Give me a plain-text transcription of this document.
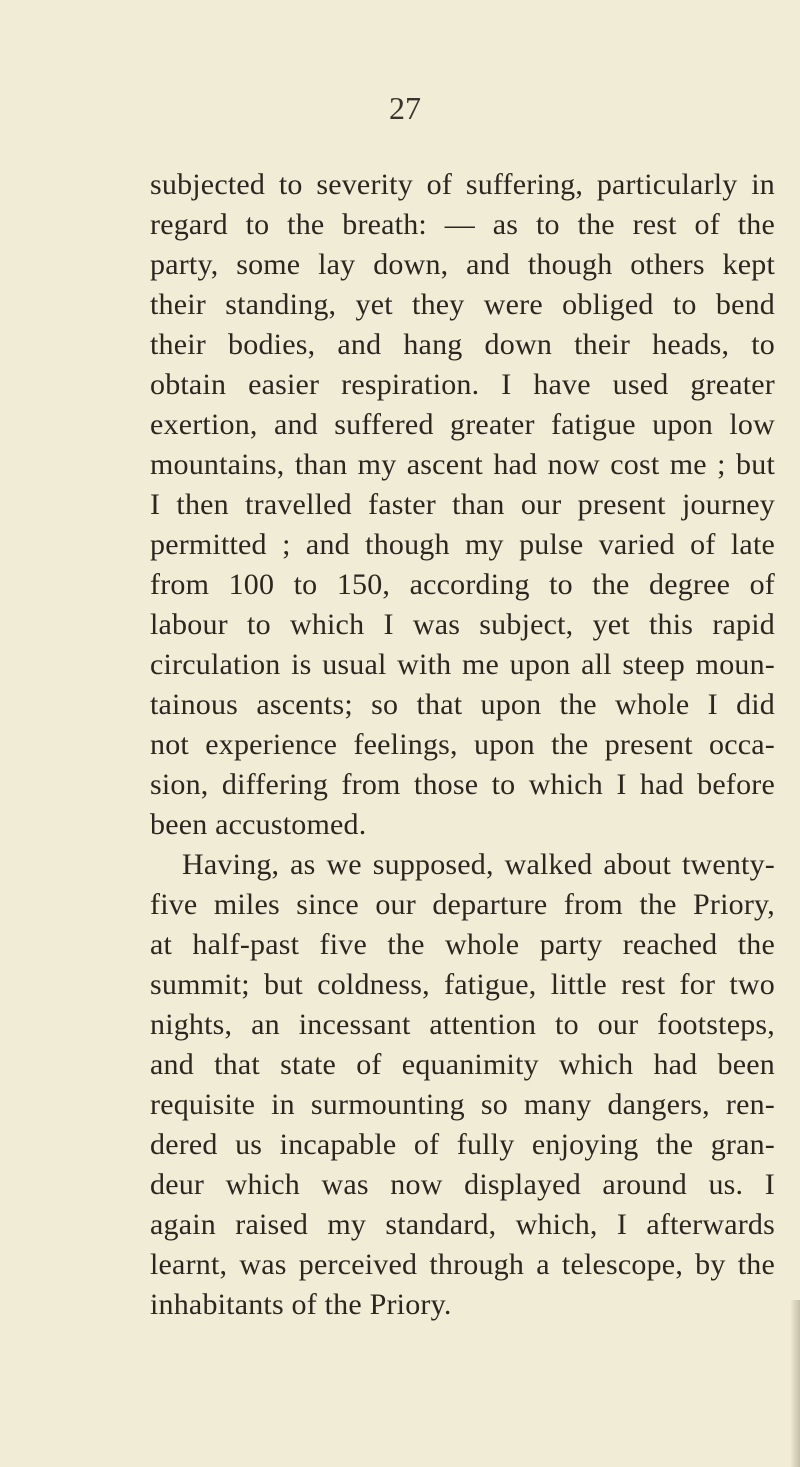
27
subjected to severity of suffering, particularly in
regard to the breath: — as to the rest of the
party, some lay down, and though others kept
their standing, yet they were obliged to bend
their bodies, and hang down their heads, to
obtain easier respiration. I have used greater
exertion, and suffered greater fatigue upon low
mountains, than my ascent had now cost me ; but
I then travelled faster than our present journey
permitted ; and though my pulse varied of late
from 100 to 150, according to the degree of
labour to which I was subject, yet this rapid
circulation is usual with me upon all steep moun-
tainous ascents; so that upon the whole I did
not experience feelings, upon the present occa-
sion, differing from those to which I had before
been accustomed.
Having, as we supposed, walked about twenty-
five miles since our departure from the Priory,
at half-past five the whole party reached the
summit; but coldness, fatigue, little rest for two
nights, an incessant attention to our footsteps,
and that state of equanimity which had been
requisite in surmounting so many dangers, ren-
dered us incapable of fully enjoying the gran-
deur which was now displayed around us. I
again raised my standard, which, I afterwards
learnt, was perceived through a telescope, by the
inhabitants of the Priory.
